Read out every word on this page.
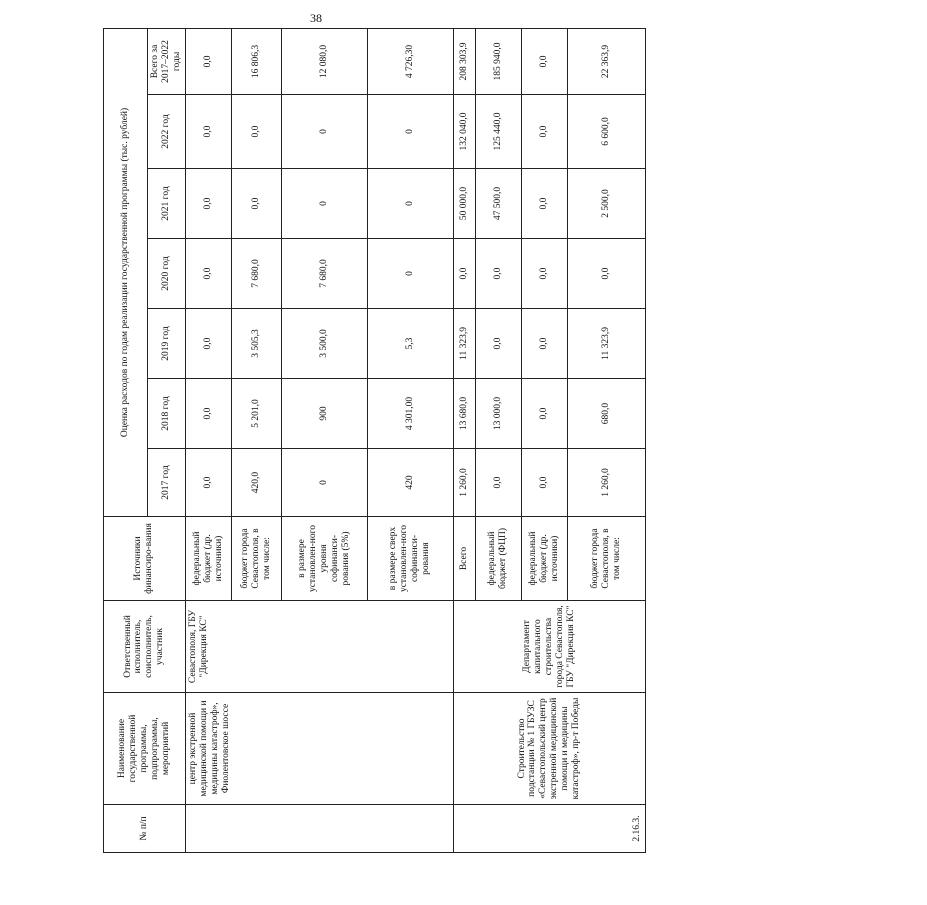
38
№ п/п	Наименование государственной программы, подпрограммы, мероприятий	Ответственный исполнитель, соисполнитель, участник	Источники финансиро-вания	Оценка расходов по годам реализации государственной программы (тыс. рублей)						
				2017 год	2018 год	2019 год	2020 год	2021 год	2022 год	Всего за 2017–2022 годы
	центр экстренной медицинской помощи и медицины катастроф», Фиолентовское шоссе	Севастополя, ГБУ "Дирекция КС"	федеральный бюджет (др. источники)	0,0	0,0	0,0	0,0	0,0	0,0	0,0
			бюджет города Севастополя, в том числе:	420,0	5 201,0	3 505,3	7 680,0	0,0	0,0	16 806,3
			в размере установлен-ного уровня софинанси-рования (5%)	0	900	3 500,0	7 680,0	0	0	12 080,0
			в размере сверх установлен-ного софинанси-рования	420	4 301,00	5,3	0	0	0	4 726,30
2.16.3.	Строительство подстанции № 1 ГБУЗС «Севастопольский центр экстренной медицинской помощи и медицины катастроф», пр-т Победы	Департамент капитального строительства города Севастополя, ГБУ "Дирекция КС"	Всего	1 260,0	13 680,0	11 323,9	0,0	50 000,0	132 040,0	208 303,9
			федеральный бюджет (ФЦП)	0,0	13 000,0	0,0	0,0	47 500,0	125 440,0	185 940,0
			федеральный бюджет (др. источники)	0,0	0,0	0,0	0,0	0,0	0,0	0,0
			бюджет города Севастополя, в том числе:	1 260,0	680,0	11 323,9	0,0	2 500,0	6 600,0	22 363,9
